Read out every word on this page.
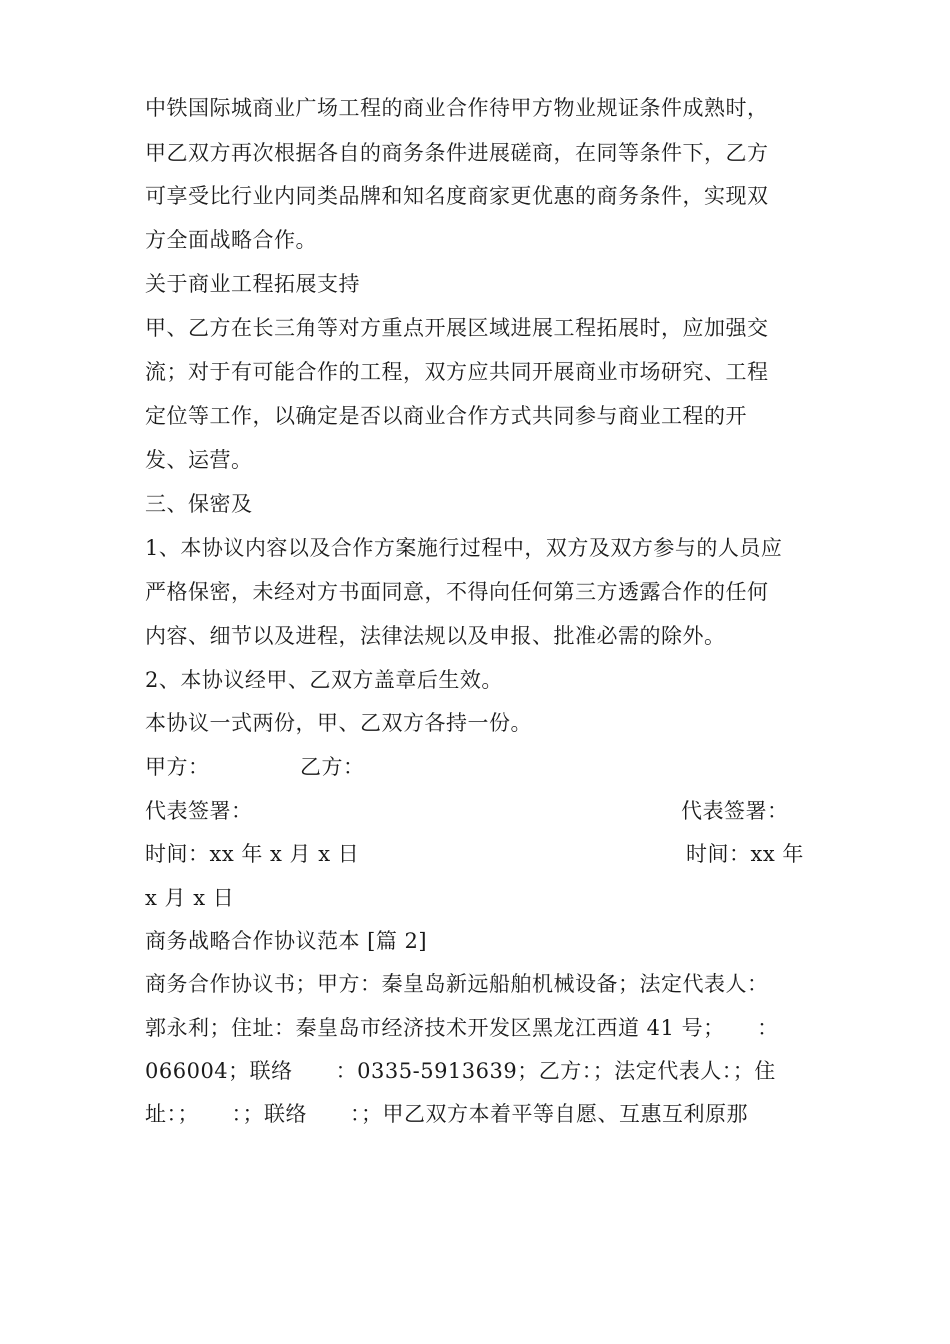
中铁国际城商业广场工程的商业合作待甲方物业规证条件成熟时，
甲乙双方再次根据各自的商务条件进展磋商，在同等条件下，乙方
可享受比行业内同类品牌和知名度商家更优惠的商务条件，实现双
方全面战略合作。
关于商业工程拓展支持
甲、乙方在长三角等对方重点开展区域进展工程拓展时，应加强交
流；对于有可能合作的工程，双方应共同开展商业市场研究、工程
定位等工作，以确定是否以商业合作方式共同参与商业工程的开
发、运营。
三、保密及
1、本协议内容以及合作方案施行过程中，双方及双方参与的人员应
严格保密，未经对方书面同意，不得向任何第三方透露合作的任何
内容、细节以及进程，法律法规以及申报、批准必需的除外。
2、本协议经甲、乙双方盖章后生效。
本协议一式两份，甲、乙双方各持一份。
甲方：	乙方：
代表签署：	代表签署：
时间：xx 年 x 月 x 日	时间：xx 年
x 月 x 日
商务战略合作协议范本 [篇 2]
商务合作协议书；甲方：秦皇岛新远船舶机械设备；法定代表人：
郭永利；住址：秦皇岛市经济技术开发区黑龙江西道 41 号；　　：
066004；联络　　：0335-5913639；乙方：；法定代表人：；住
址：；　　：；联络　　：；甲乙双方本着平等自愿、互惠互利原那
